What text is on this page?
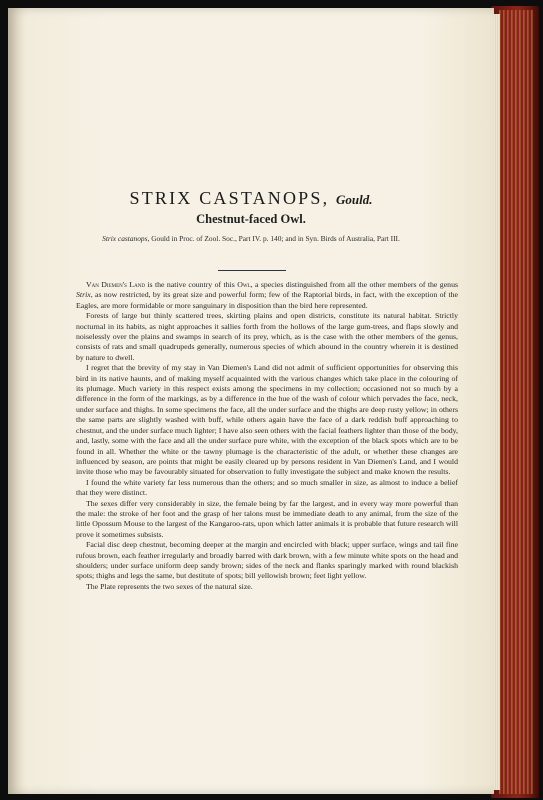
STRIX CASTANOPS, Gould.
Chestnut-faced Owl.
Strix castanops, Gould in Proc. of Zool. Soc., Part IV. p. 140; and in Syn. Birds of Australia, Part III.

Van Diemen's Land is the native country of this Owl, a species distinguished from all the other members of the genus Strix, as now restricted, by its great size and powerful form; few of the Raptorial birds, in fact, with the exception of the Eagles, are more formidable or more sanguinary in disposition than the bird here represented.

Forests of large but thinly scattered trees, skirting plains and open districts, constitute its natural habitat. Strictly nocturnal in its habits, as night approaches it sallies forth from the hollows of the large gum-trees, and flaps slowly and noiselessly over the plains and swamps in search of its prey, which, as is the case with the other members of the genus, consists of rats and small quadrupeds generally, numerous species of which abound in the country wherein it is destined by nature to dwell.

I regret that the brevity of my stay in Van Diemen's Land did not admit of sufficient opportunities for observing this bird in its native haunts, and of making myself acquainted with the various changes which take place in the colouring of its plumage. Much variety in this respect exists among the specimens in my collection; occasioned not so much by a difference in the form of the markings, as by a difference in the hue of the wash of colour which pervades the face, neck, under surface and thighs. In some specimens the face, all the under surface and the thighs are deep rusty yellow; in others the same parts are slightly washed with buff, while others again have the face of a dark reddish buff approaching to chestnut, and the under surface much lighter; I have also seen others with the facial feathers lighter than those of the body, and, lastly, some with the face and all the under surface pure white, with the exception of the black spots which are to be found in all. Whether the white or the tawny plumage is the characteristic of the adult, or whether these changes are influenced by season, are points that might be easily cleared up by persons resident in Van Diemen's Land, and I would invite those who may be favourably situated for observation to fully investigate the subject and make known the results.

I found the white variety far less numerous than the others; and so much smaller in size, as almost to induce a belief that they were distinct.

The sexes differ very considerably in size, the female being by far the largest, and in every way more powerful than the male: the stroke of her foot and the grasp of her talons must be immediate death to any animal, from the size of the little Opossum Mouse to the largest of the Kangaroo-rats, upon which latter animals it is probable that future research will prove it sometimes subsists.

Facial disc deep chestnut, becoming deeper at the margin and encircled with black; upper surface, wings and tail fine rufous brown, each feather irregularly and broadly barred with dark brown, with a few minute white spots on the head and shoulders; under surface uniform deep sandy brown; sides of the neck and flanks sparingly marked with round blackish spots; thighs and legs the same, but destitute of spots; bill yellowish brown; feet light yellow.

The Plate represents the two sexes of the natural size.
